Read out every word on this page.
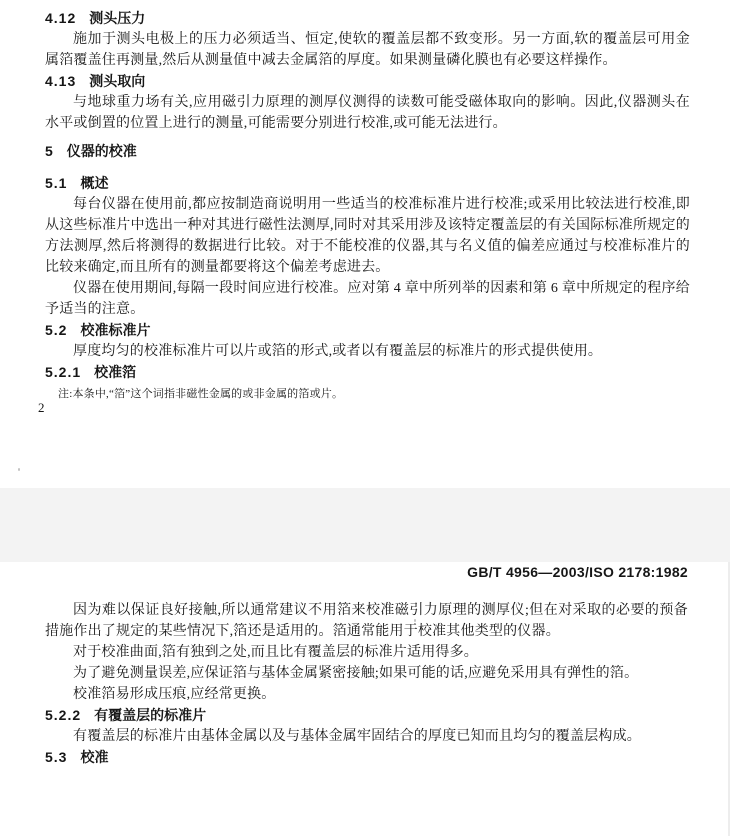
4.12 测头压力

施加于测头电极上的压力必须适当、恒定,使软的覆盖层都不致变形。另一方面,软的覆盖层可用金属箔覆盖住再测量,然后从测量值中减去金属箔的厚度。如果测量磷化膜也有必要这样操作。

4.13 测头取向

与地球重力场有关,应用磁引力原理的测厚仪测得的读数可能受磁体取向的影响。因此,仪器测头在水平或倒置的位置上进行的测量,可能需要分别进行校准,或可能无法进行。

5 仪器的校准
5.1 概述

每台仪器在使用前,都应按制造商说明用一些适当的校准标准片进行校准;或采用比较法进行校准,即从这些标准片中选出一种对其进行磁性法测厚,同时对其采用涉及该特定覆盖层的有关国际标准所规定的方法测厚,然后将测得的数据进行比较。对于不能校准的仪器,其与名义值的偏差应通过与校准标准片的比较来确定,而且所有的测量都要将这个偏差考虑进去。

仪器在使用期间,每隔一段时间应进行校准。应对第 4 章中所列举的因素和第 6 章中所规定的程序给予适当的注意。

5.2 校准标准片

厚度均匀的校准标准片可以片或箔的形式,或者以有覆盖层的标准片的形式提供使用。

5.2.1 校准箔

注:本条中,“箔”这个词指非磁性金属的或非金属的箔或片。

2
GB/T 4956—2003/ISO 2178:1982

因为难以保证良好接触,所以通常建议不用箔来校准磁引力原理的测厚仪;但在对采取的必要的预备措施作出了规定的某些情况下,箔还是适用的。箔通常能用于校准其他类型的仪器。

对于校准曲面,箔有独到之处,而且比有覆盖层的标准片适用得多。

为了避免测量误差,应保证箔与基体金属紧密接触;如果可能的话,应避免采用具有弹性的箔。

校准箔易形成压痕,应经常更换。

5.2.2 有覆盖层的标准片

有覆盖层的标准片由基体金属以及与基体金属牢固结合的厚度已知而且均匀的覆盖层构成。

5.3 校准
